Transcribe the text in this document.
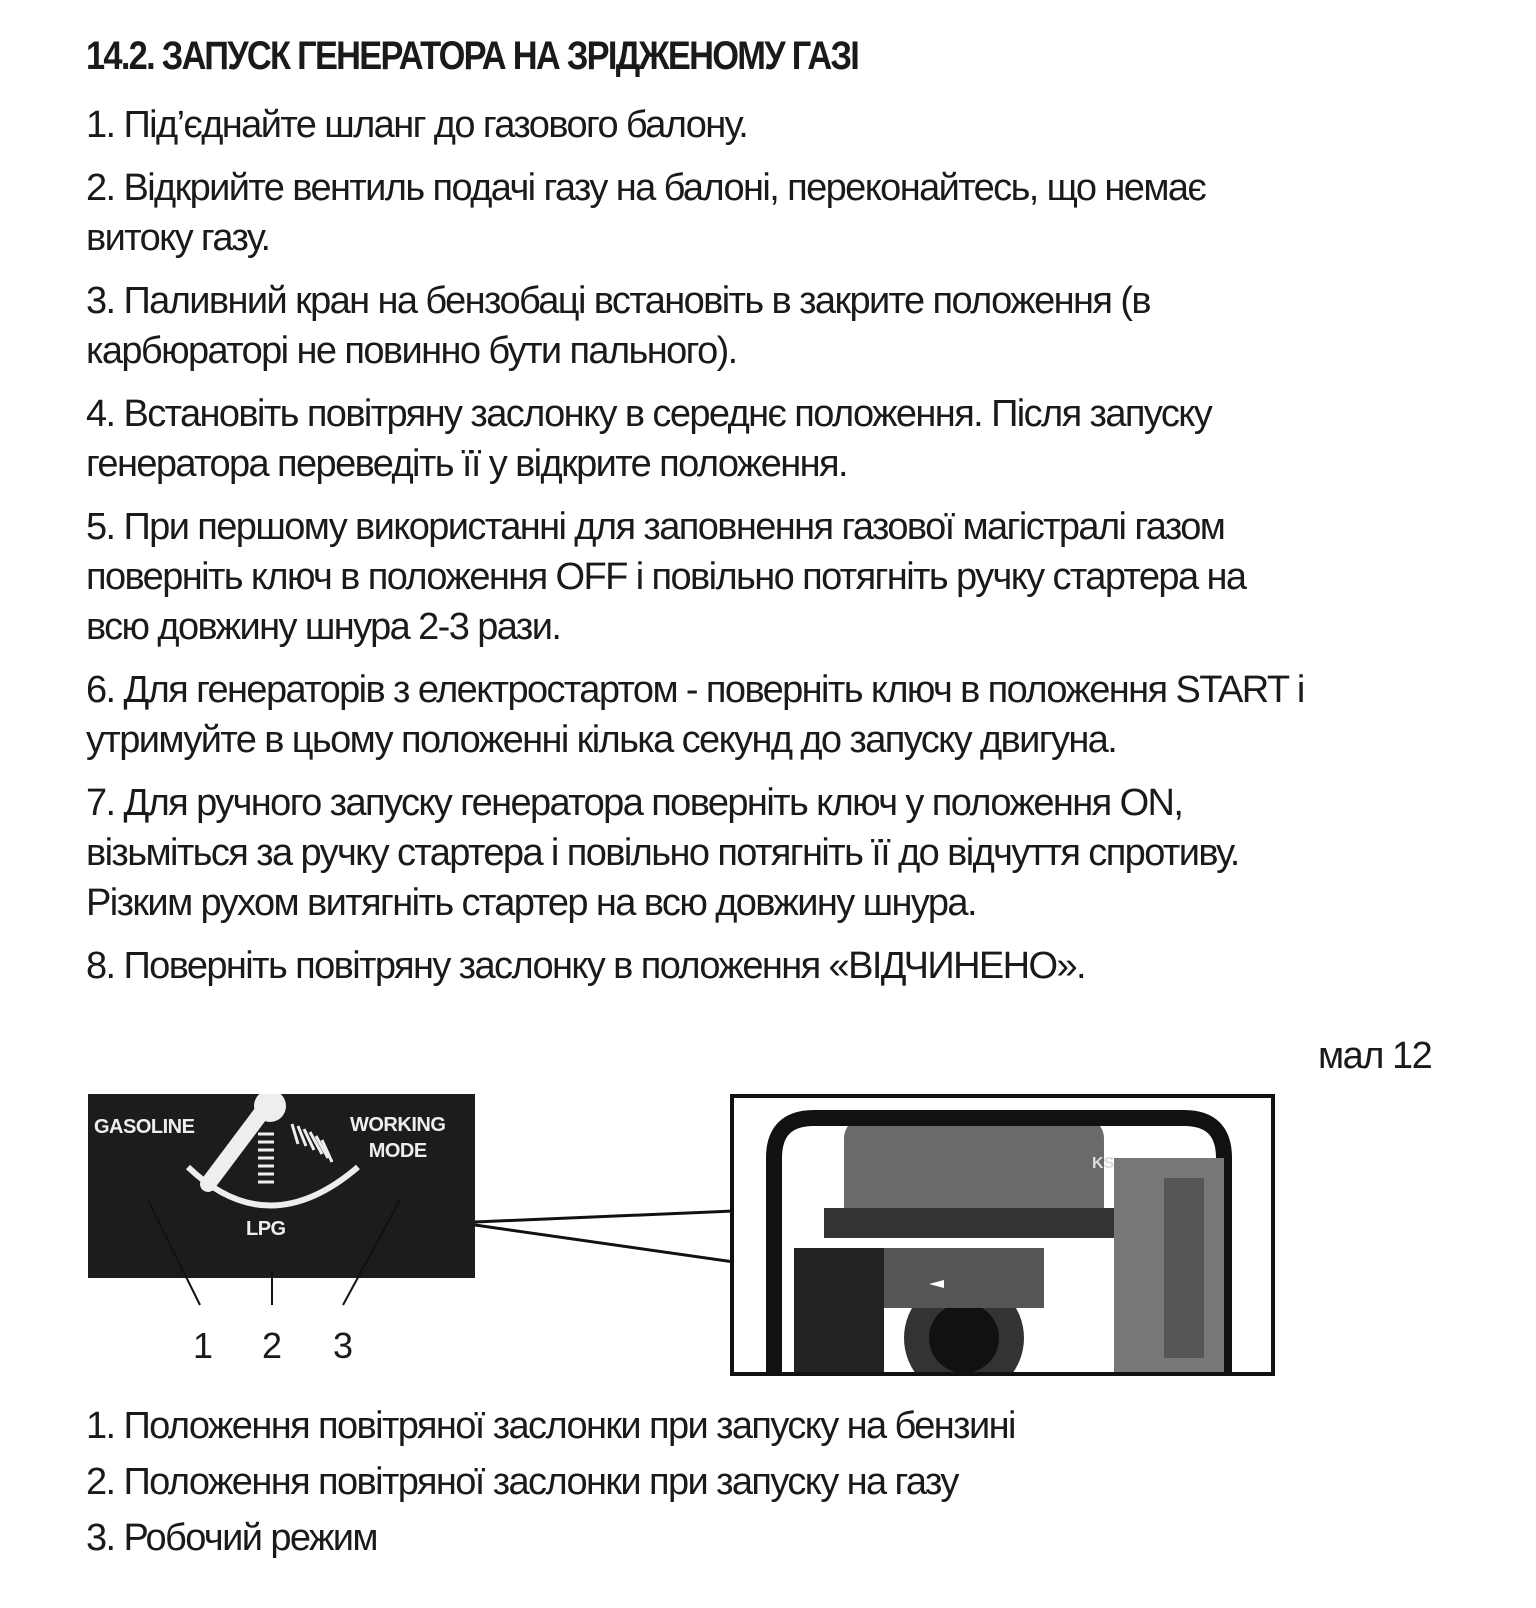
14.2. ЗАПУСК ГЕНЕРАТОРА НА ЗРІДЖЕНОМУ ГАЗІ
1. Під’єднайте шланг до газового балону.
2. Відкрийте вентиль подачі газу на балоні, переконайтесь, що немає
витоку газу.
3. Паливний кран на бензобаці встановіть в закрите положення (в
карбюраторі не повинно бути пального).
4. Встановіть повітряну заслонку в середнє положення. Після запуску
генератора переведіть її у відкрите положення.
5. При першому використанні для заповнення газової магістралі газом
поверніть ключ в положення OFF і повільно потягніть ручку стартера на
всю довжину шнура 2-3 рази.
6. Для генераторів з електростартом - поверніть ключ в положення START і
утримуйте в цьому положенні кілька секунд до запуску двигуна.
7. Для ручного запуску генератора поверніть ключ у положення ON,
візьміться за ручку стартера і повільно потягніть її до відчуття спротиву.
Різким рухом витягніть стартер на всю довжину шнура.
8. Поверніть повітряну заслонку в положення «ВІДЧИНЕНО».
мал 12
GASOLINE	WORKING
MODE
LPG
1 2 3
KS
1. Положення повітряної заслонки при запуску на бензині
2. Положення повітряної заслонки при запуску на газу
3. Робочий режим
